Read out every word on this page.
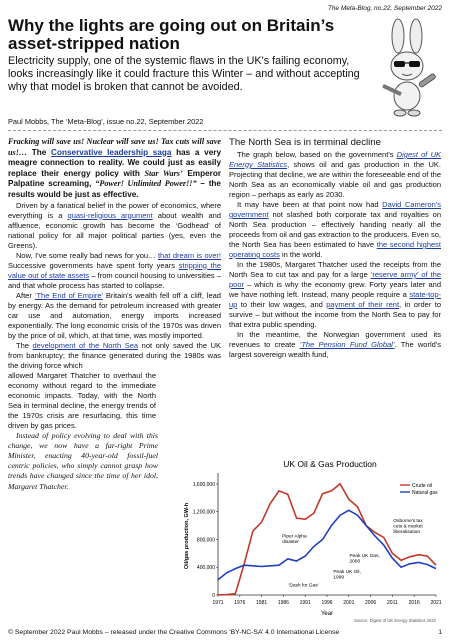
The Meta-Blog, no.22, September 2022
Why the lights are going out on Britain’s asset-stripped nation

Electricity supply, one of the systemic flaws in the UK's failing economy, looks increasingly like it could fracture this Winter – and without accepting why that model is broken that cannot be avoided.

Paul Mobbs, The ‘Meta-Blog’, issue no.22, September 2022

Fracking will save us! Nuclear will save us! Tax cuts will save us!… The Conservative leadership saga has a very meagre connection to reality. We could just as easily replace their energy policy with Star Wars’ Emperor Palpatine screaming, “Power! Unlimited Power!!” – the results would be just as effective.

Driven by a fanatical belief in the power of economics, where everything is a quasi-religious argument about wealth and affluence, economic growth has become the ‘Godhead’ of national policy for all major political parties (yes, even the Greens).

Now, I've some really bad news for you… that dream is over! Successive governments have spent forty years stripping the value out of state assets – from council housing to universities – and that whole process has started to collapse.

After ‘The End of Empire’ Britain's wealth fell off a cliff, lead by energy. As the demand for petroleum increased with greater car use and automation, energy imports increased exponentially. The long economic crisis of the 1970s was driven by the price of oil, which, at that time, was mostly imported.

The development of the North Sea not only saved the UK from bankruptcy; the finance generated during the 1980s was the driving force which

allowed Margaret Thatcher to overhaul the economy without regard to the immediate economic impacts. Today, with the North Sea in terminal decline, the energy trends of the 1970s crisis are resurfacing, this time driven by gas prices.

Instead of policy evolving to deal with this change, we now have a far-right Prime Minister, enacting 40-year-old fossil-fuel centric policies, who simply cannot grasp how trends have changed since the time of her idol, Margaret Thatcher.

The North Sea is in terminal decline

The graph below, based on the government's Digest of UK Energy Statistics, shows oil and gas production in the UK. Projecting that decline, we are within the foreseeable end of the North Sea as an economically viable oil and gas production region – perhaps as early as 2030.

It may have been at that point now had David Cameron's government not slashed both corporate tax and royalties on North Sea production – effectively handing nearly all the proceeds from oil and gas extraction to the producers. Even so, the North Sea has been estimated to have the second highest operating costs in the world.

In the 1980s, Margaret Thatcher used the receipts from the North Sea to cut tax and pay for a large ‘reserve army’ of the poor – which is why the economy grew. Forty years later and we have nothing left. Instead, many people require a state-top-up to their low wages, and payment of their rent, in order to survive – but without the income from the North Sea to pay for that extra public spending.

In the meantime, the Norwegian government used its revenues to create ‘The Pension Fund Global’. The world's largest sovereign wealth fund,

UK Oil & Gas Production
0
400,000
800,000
1,200,000
1,600,000
1971 1976 1981 1986 1991 1996 2001 2006 2011 2016 2021
Year
Oil/gas production, GW-h
Crude oil
Natural gas
Piper Alpha disaster
Peak UK Gas, 2000
Peak UK Oil, 1999
Osborne's tax cuts & market liberalisation
'Dash for Gas'
Source: Digest of UK Energy Statistics 2022
© September 2022 Paul Mobbs – released under the Creative Commons ‘BY-NC-SA’ 4.0 International License	1
